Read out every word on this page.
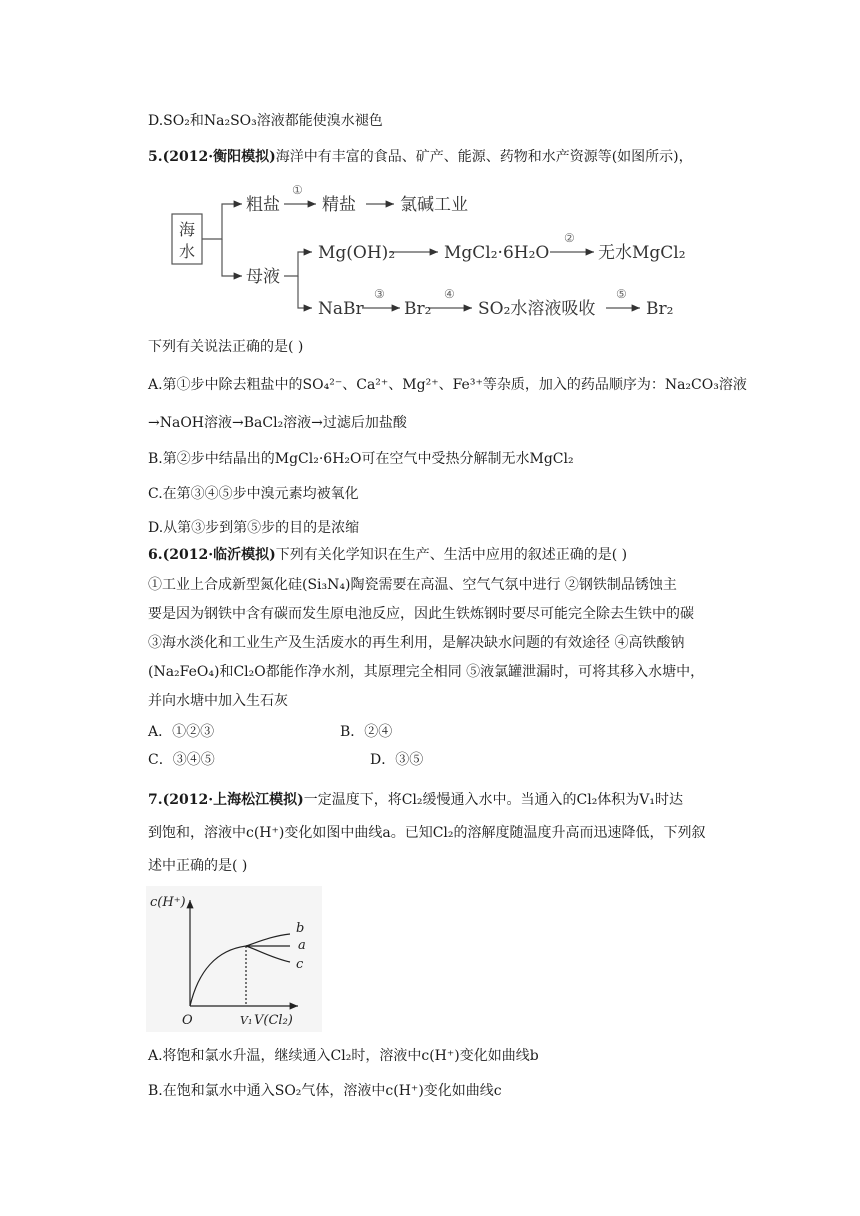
D.SO₂和Na₂SO₃溶液都能使溴水褪色
5.(2012·衡阳模拟)海洋中有丰富的食品、矿产、能源、药物和水产资源等(如图所示)，
海
水
粗盐 精盐	氯碱工业
母液
Mg(OH)₂	MgCl₂·6H₂O	无水MgCl₂
NaBr Br₂	SO₂水溶液吸收	Br₂
①
②
③	④	⑤
下列有关说法正确的是( )
A.第①步中除去粗盐中的SO₄²⁻、Ca²⁺、Mg²⁺、Fe³⁺等杂质，加入的药品顺序为：Na₂CO₃溶液
→NaOH溶液→BaCl₂溶液→过滤后加盐酸
B.第②步中结晶出的MgCl₂·6H₂O可在空气中受热分解制无水MgCl₂
C.在第③④⑤步中溴元素均被氧化
D.从第③步到第⑤步的目的是浓缩
6.(2012·临沂模拟)下列有关化学知识在生产、生活中应用的叙述正确的是( )
①工业上合成新型氮化硅(Si₃N₄)陶瓷需要在高温、空气气氛中进行 ②钢铁制品锈蚀主
要是因为钢铁中含有碳而发生原电池反应，因此生铁炼钢时要尽可能完全除去生铁中的碳
③海水淡化和工业生产及生活废水的再生利用，是解决缺水问题的有效途径 ④高铁酸钠
(Na₂FeO₄)和Cl₂O都能作净水剂，其原理完全相同 ⑤液氯罐泄漏时，可将其移入水塘中，
并向水塘中加入生石灰
A．①②③	B．②④
C．③④⑤	D．③⑤
7.(2012·上海松江模拟)一定温度下，将Cl₂缓慢通入水中。当通入的Cl₂体积为V₁时达
到饱和，溶液中c(H⁺)变化如图中曲线a。已知Cl₂的溶解度随温度升高而迅速降低，下列叙
述中正确的是( )
c(H⁺)
V(Cl₂)
O	V₁
b
a
c
A.将饱和氯水升温，继续通入Cl₂时，溶液中c(H⁺)变化如曲线b
B.在饱和氯水中通入SO₂气体，溶液中c(H⁺)变化如曲线c
